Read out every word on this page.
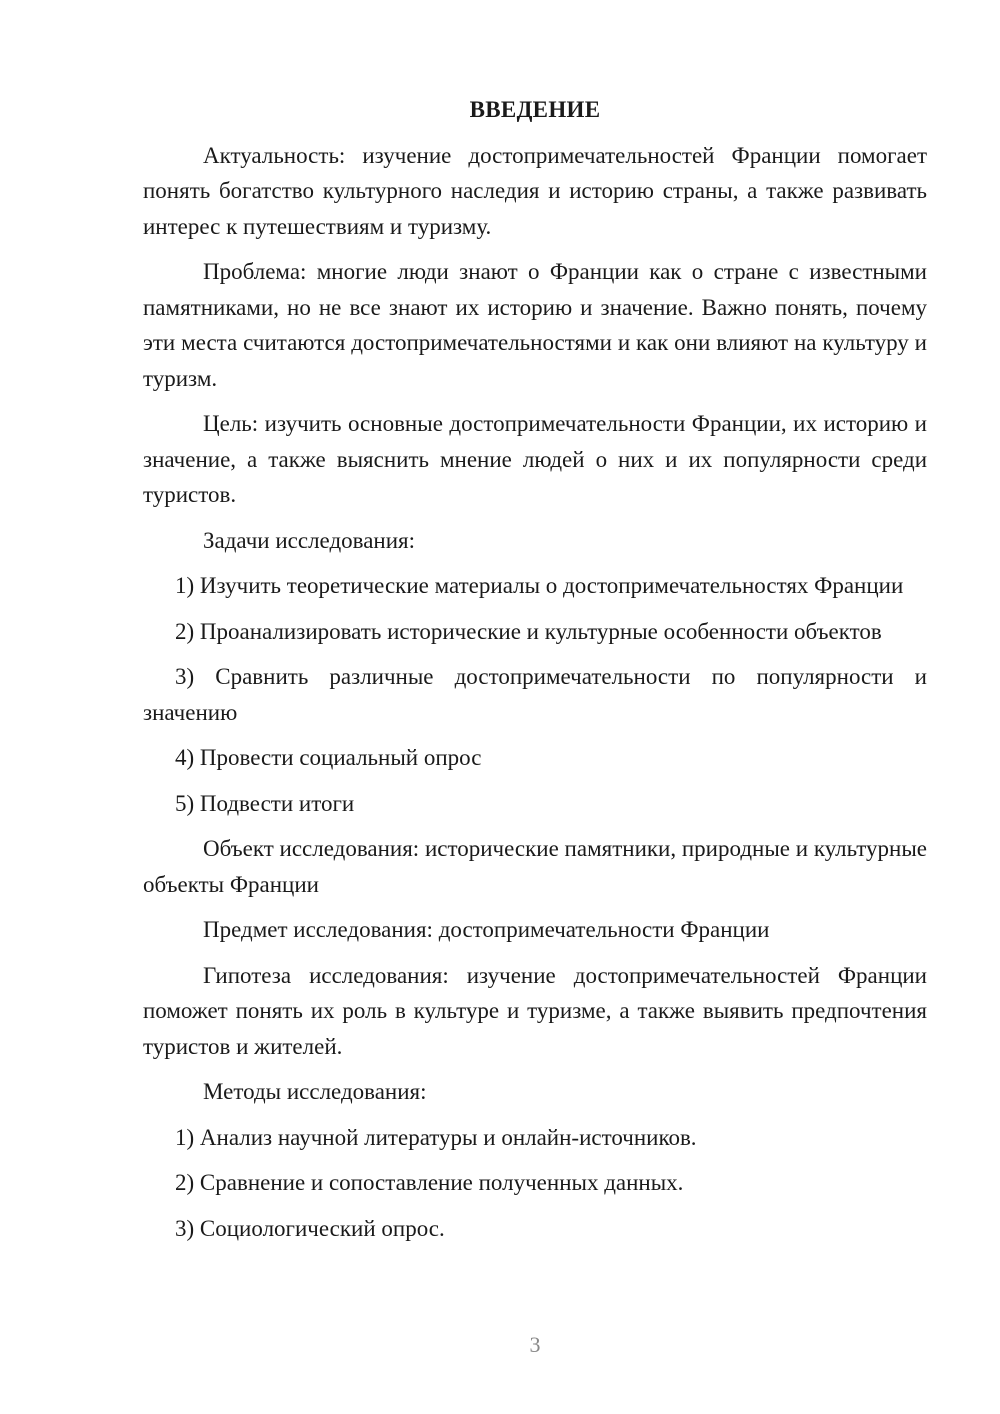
ВВЕДЕНИЕ

Актуальность: изучение достопримечательностей Франции помогает понять богатство культурного наследия и историю страны, а также развивать интерес к путешествиям и туризму.

Проблема: многие люди знают о Франции как о стране с известными памятниками, но не все знают их историю и значение. Важно понять, почему эти места считаются достопримечательностями и как они влияют на культуру и туризм.

Цель: изучить основные достопримечательности Франции, их историю и значение, а также выяснить мнение людей о них и их популярности среди туристов.

Задачи исследования:

1) Изучить теоретические материалы о достопримечательностях Франции

2) Проанализировать исторические и культурные особенности объектов

3) Сравнить различные достопримечательности по популярности и значению

4) Провести социальный опрос

5) Подвести итоги

Объект исследования: исторические памятники, природные и культурные объекты Франции

Предмет исследования: достопримечательности Франции

Гипотеза исследования: изучение достопримечательностей Франции поможет понять их роль в культуре и туризме, а также выявить предпочтения туристов и жителей.

Методы исследования:

1) Анализ научной литературы и онлайн-источников.

2) Сравнение и сопоставление полученных данных.

3) Социологический опрос.

3
